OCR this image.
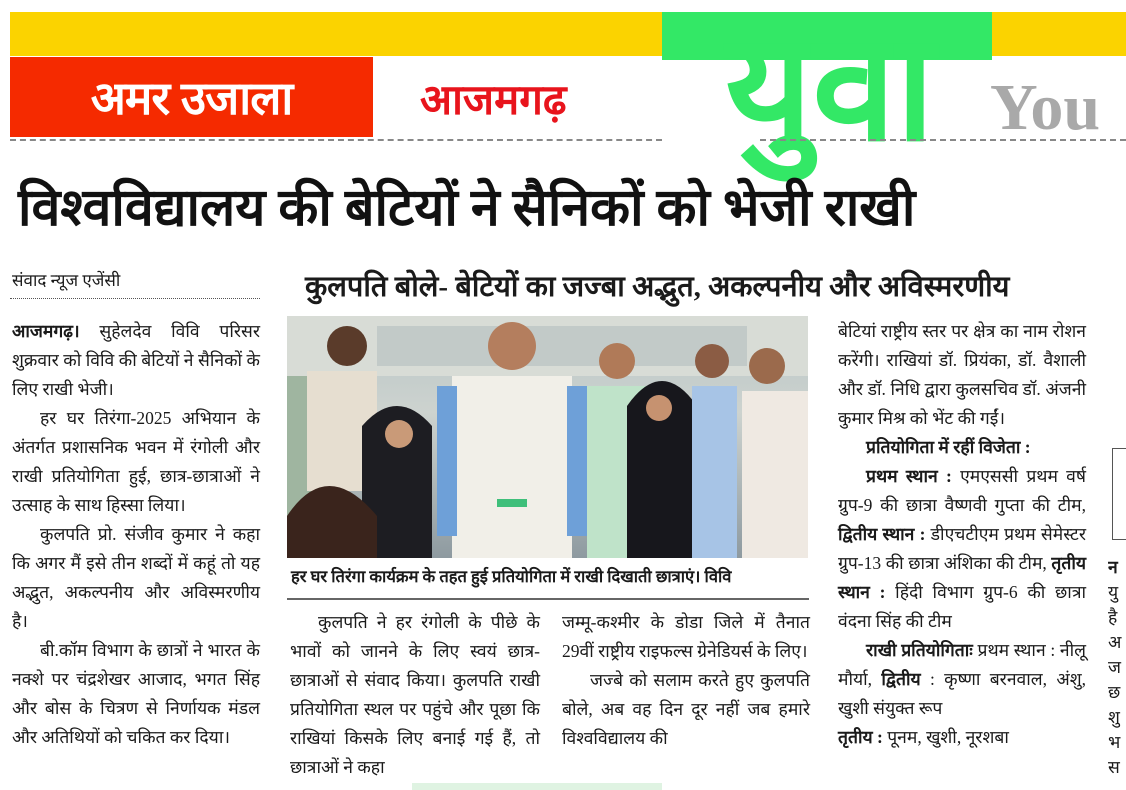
अमर उजाला	आजमगढ़	युवा You
विश्वविद्यालय की बेटियों ने सैनिकों को भेजी राखी
संवाद न्यूज एजेंसी	कुलपति बोले- बेटियों का जज्बा अद्भुत, अकल्पनीय और अविस्मरणीय

आजमगढ़। सुहेलदेव विवि परिसर शुक्रवार को विवि की बेटियों ने सैनिकों के लिए राखी भेजी।

हर घर तिरंगा-2025 अभियान के अंतर्गत प्रशासनिक भवन में रंगोली और राखी प्रतियोगिता हुई, छात्र-छात्राओं ने उत्साह के साथ हिस्सा लिया।

कुलपति प्रो. संजीव कुमार ने कहा कि अगर मैं इसे तीन शब्दों में कहूं तो यह अद्भुत, अकल्पनीय और अविस्मरणीय है।

बी.कॉम विभाग के छात्रों ने भारत के नक्शे पर चंद्रशेखर आजाद, भगत सिंह और बोस के चित्रण से निर्णायक मंडल और अतिथियों को चकित कर दिया।

हर घर तिरंगा कार्यक्रम के तहत हुई प्रतियोगिता में राखी दिखाती छात्राएं। विवि

कुलपति ने हर रंगोली के पीछे के भावों को जानने के लिए स्वयं छात्र-छात्राओं से संवाद किया। कुलपति राखी प्रतियोगिता स्थल पर पहुंचे और पूछा कि राखियां किसके लिए बनाई गई हैं, तो छात्राओं ने कहा

जम्मू-कश्मीर के डोडा जिले में तैनात 29वीं राष्ट्रीय राइफल्स ग्रेनेडियर्स के लिए।

जज्बे को सलाम करते हुए कुलपति बोले, अब वह दिन दूर नहीं जब हमारे विश्वविद्यालय की

बेटियां राष्ट्रीय स्तर पर क्षेत्र का नाम रोशन करेंगी। राखियां डॉ. प्रियंका, डॉ. वैशाली और डॉ. निधि द्वारा कुलसचिव डॉ. अंजनी कुमार मिश्र को भेंट की गईं।

प्रतियोगिता में रहीं विजेता :

प्रथम स्थान : एमएससी प्रथम वर्ष ग्रुप-9 की छात्रा वैष्णवी गुप्ता की टीम, द्वितीय स्थान : डीएचटीएम प्रथम सेमेस्टर ग्रुप-13 की छात्रा अंशिका की टीम, तृतीय स्थान : हिंदी विभाग ग्रुप-6 की छात्रा वंदना सिंह की टीम

राखी प्रतियोगिताः प्रथम स्थान : नीलू मौर्या, द्वितीय : कृष्णा बरनवाल, अंशु, खुशी संयुक्त रूप
तृतीय : पूनम, खुशी, नूरशबा

न
यु
है
अ
ज
छ
शु
भ
स
